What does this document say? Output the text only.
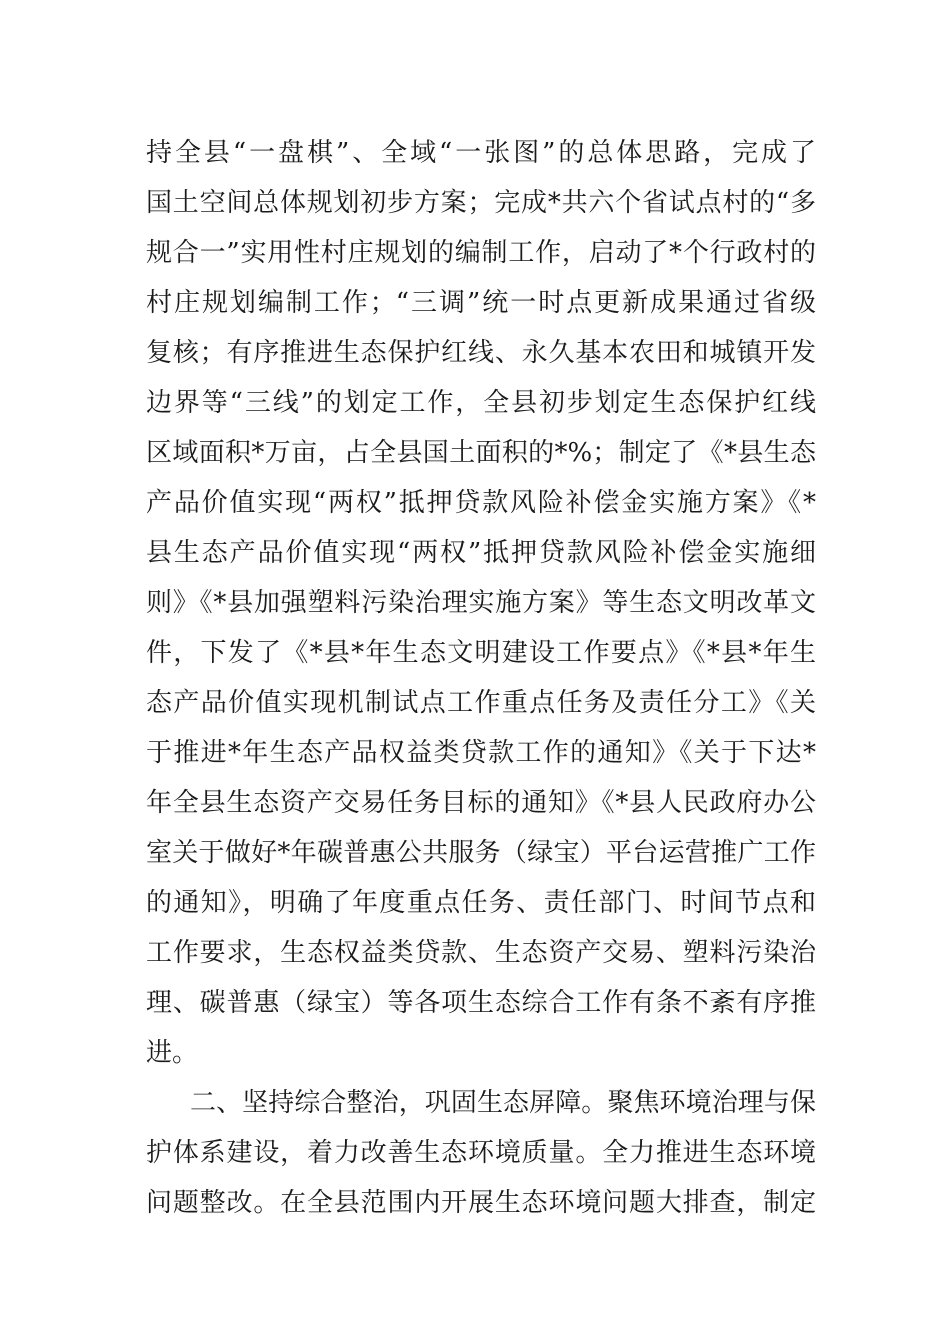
持全县“一盘棋”、全域“一张图”的总体思路，完成了
国土空间总体规划初步方案；完成*共六个省试点村的“多
规合一”实用性村庄规划的编制工作，启动了*个行政村的
村庄规划编制工作；“三调”统一时点更新成果通过省级
复核；有序推进生态保护红线、永久基本农田和城镇开发
边界等“三线”的划定工作，全县初步划定生态保护红线
区域面积*万亩，占全县国土面积的*%；制定了《*县生态
产品价值实现“两权”抵押贷款风险补偿金实施方案》《*
县生态产品价值实现“两权”抵押贷款风险补偿金实施细
则》《*县加强塑料污染治理实施方案》等生态文明改革文
件，下发了《*县*年生态文明建设工作要点》《*县*年生
态产品价值实现机制试点工作重点任务及责任分工》《关
于推进*年生态产品权益类贷款工作的通知》《关于下达*
年全县生态资产交易任务目标的通知》《*县人民政府办公
室关于做好*年碳普惠公共服务（绿宝）平台运营推广工作
的通知》，明确了年度重点任务、责任部门、时间节点和
工作要求，生态权益类贷款、生态资产交易、塑料污染治
理、碳普惠（绿宝）等各项生态综合工作有条不紊有序推
进。
二、坚持综合整治，巩固生态屏障。聚焦环境治理与保
护体系建设，着力改善生态环境质量。全力推进生态环境
问题整改。在全县范围内开展生态环境问题大排查，制定
